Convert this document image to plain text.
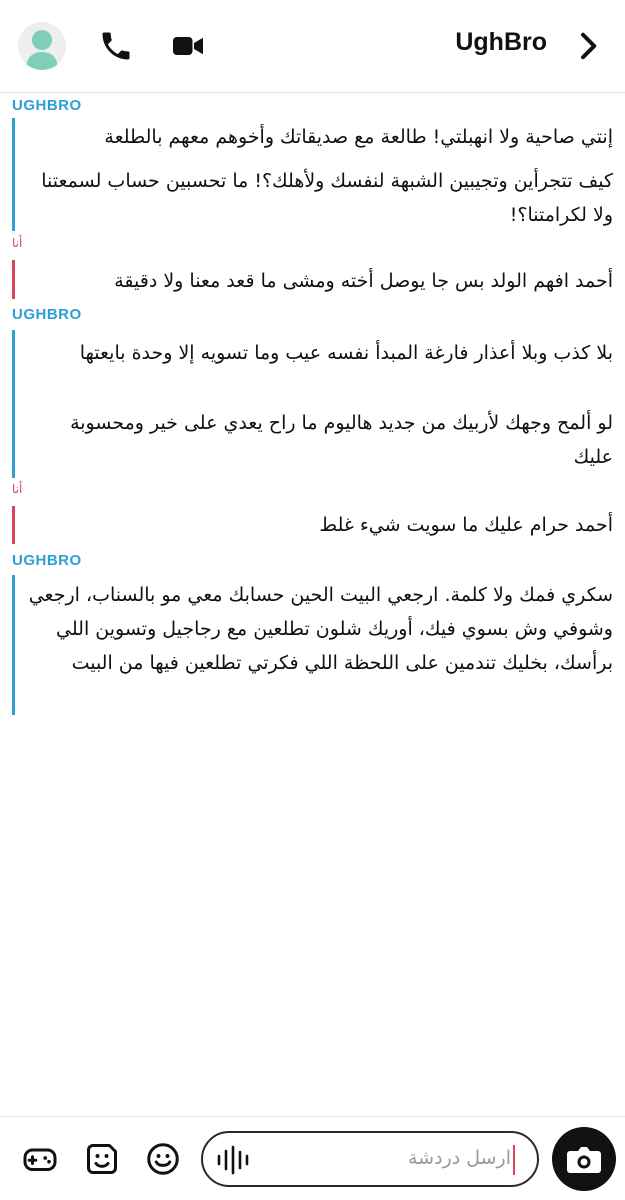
UghBro
UGHBRO
إنتي صاحية ولا انهبلتي! طالعة مع صديقاتك وأخوهم معهم بالطلعة
كيف تتجرأين وتجيبين الشبهة لنفسك ولأهلك؟! ما تحسبين حساب لسمعتنا ولا لكرامتنا؟!
أنا
أحمد افهم الولد بس جا يوصل أخته ومشى ما قعد معنا ولا دقيقة
UGHBRO
بلا كذب وبلا أعذار فارغة المبدأ نفسه عيب وما تسويه إلا وحدة بايعتها
لو ألمح وجهك لأربيك من جديد هاليوم ما راح يعدي على خير ومحسوبة عليك
أنا
أحمد حرام عليك ما سويت شيء غلط
UGHBRO
سكري فمك ولا كلمة. ارجعي البيت الحين حسابك معي مو بالسناب، ارجعي وشوفي وش بسوي فيك، أوريك شلون تطلعين مع رجاجيل وتسوين اللي برأسك، بخليك تندمين على اللحظة اللي فكرتي تطلعين فيها من البيت
ارسل دردشة
